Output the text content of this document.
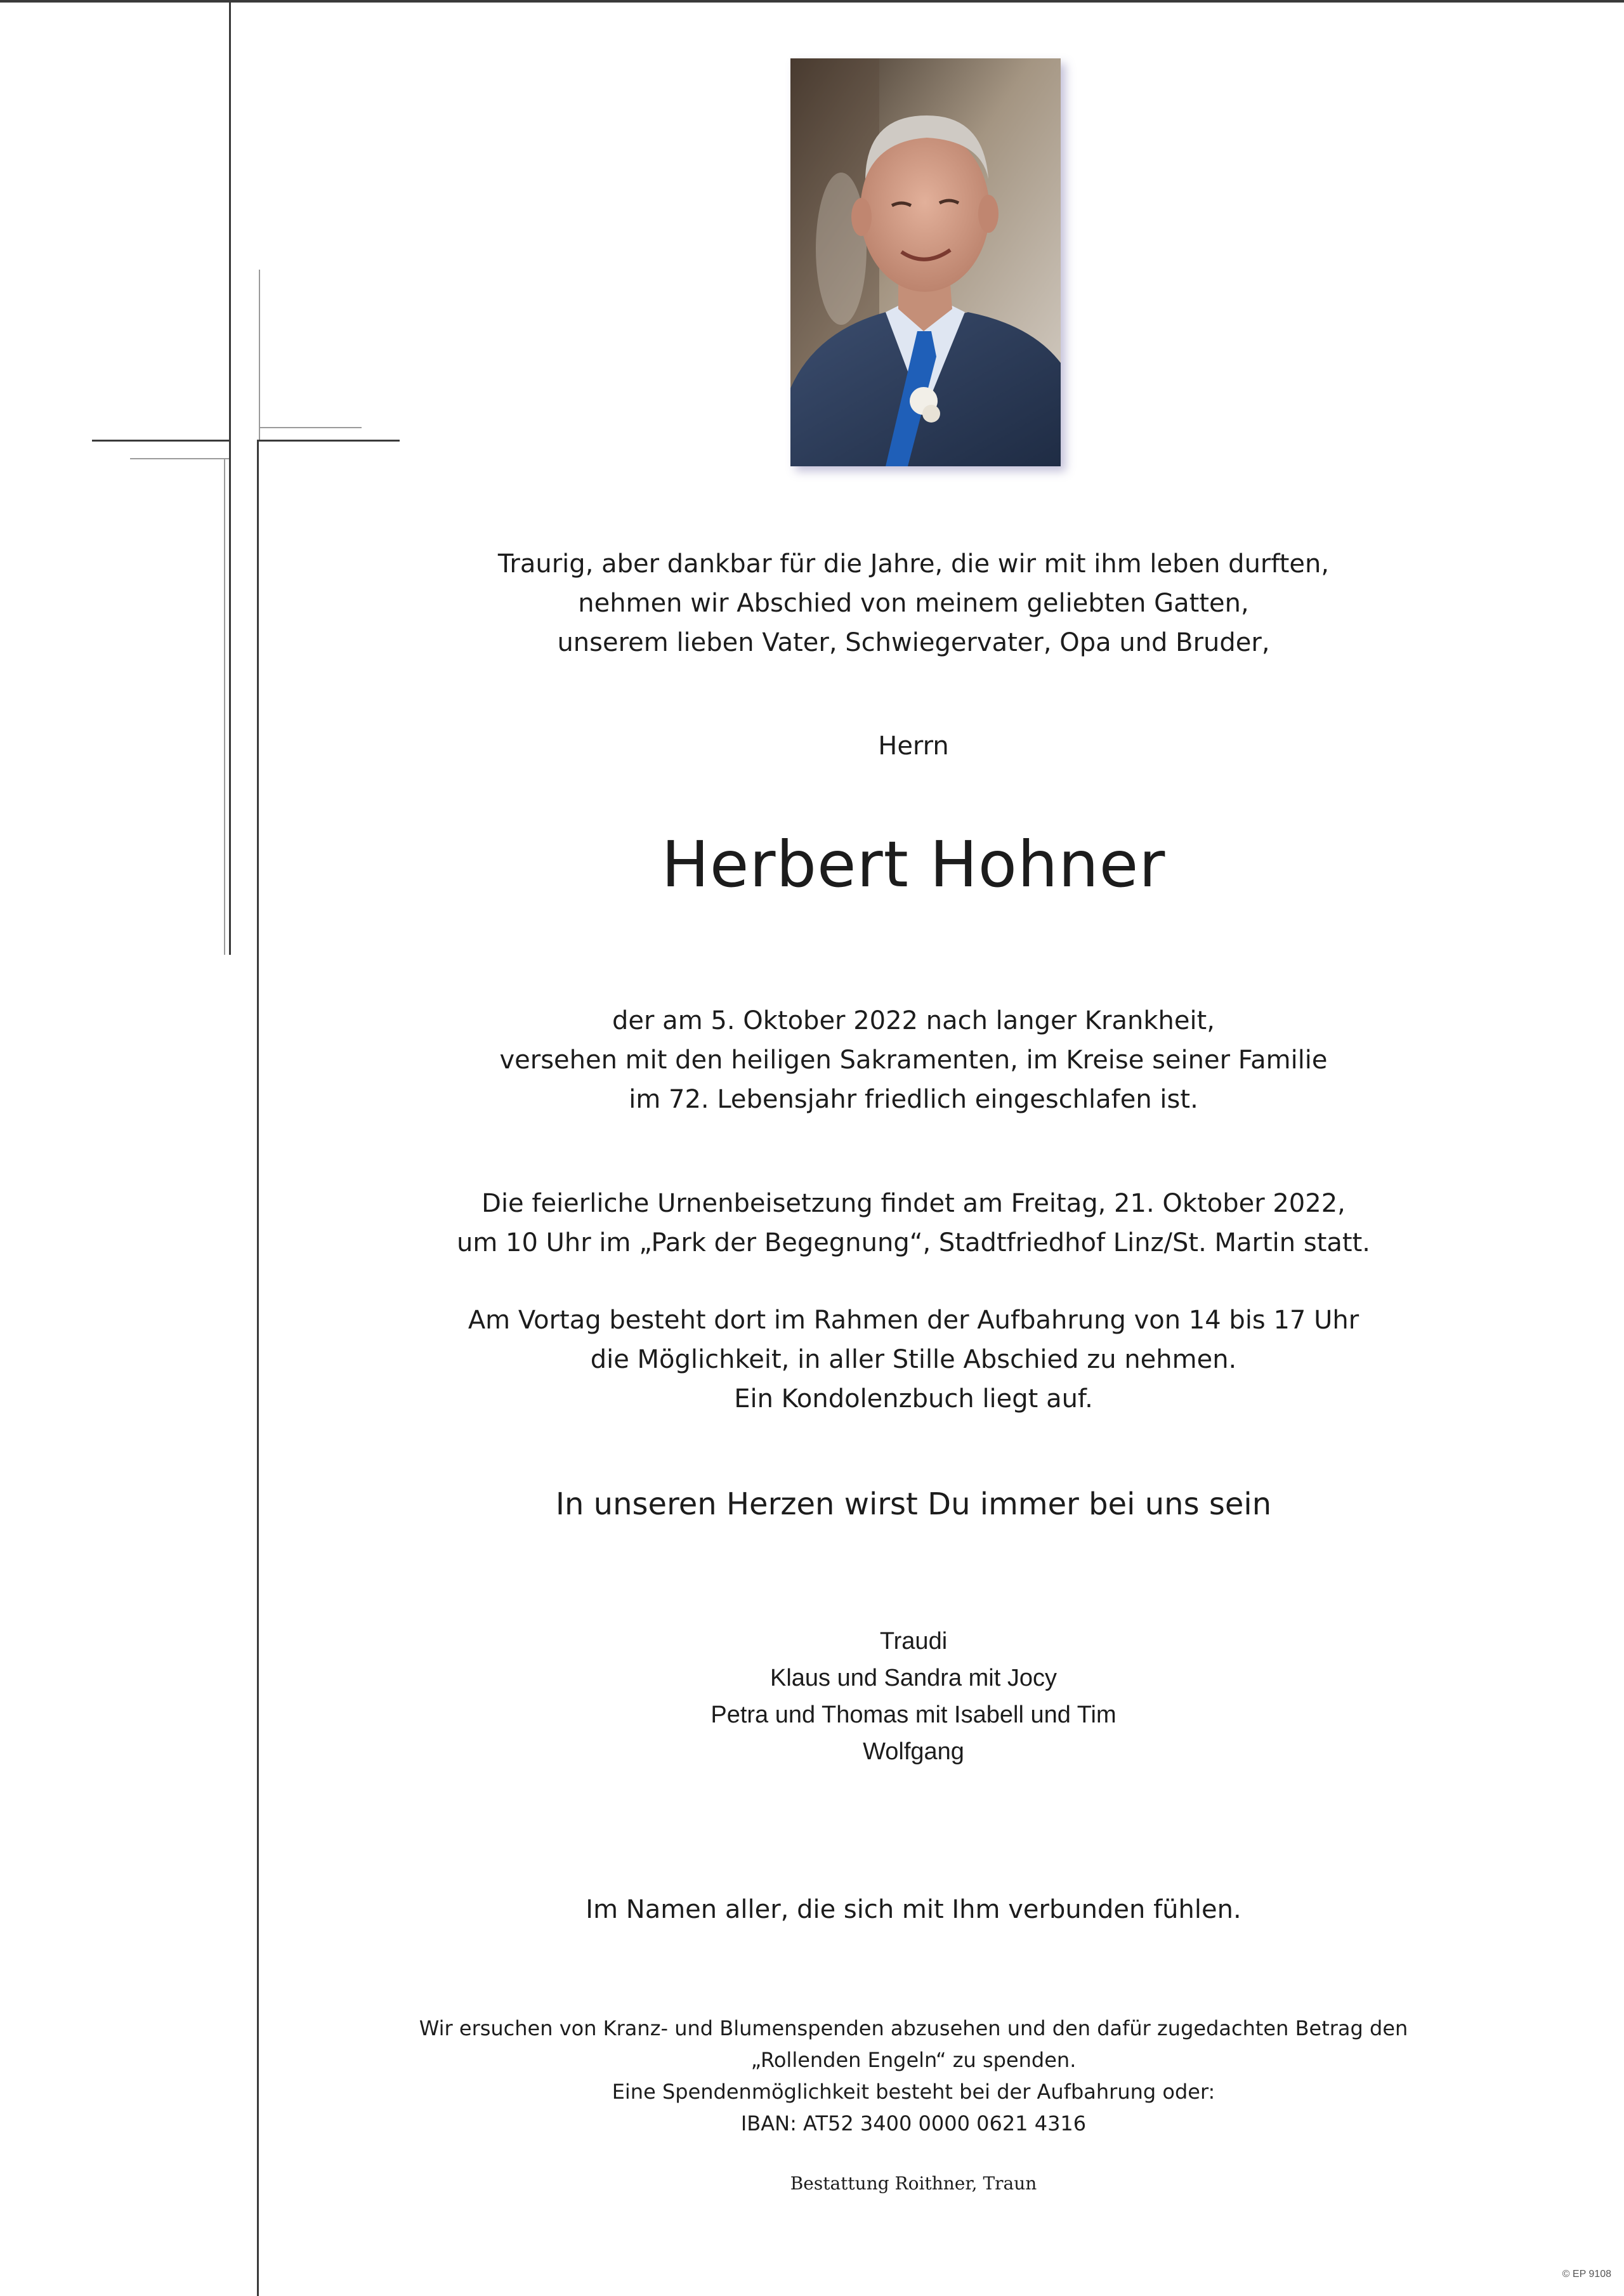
Traurig, aber dankbar für die Jahre, die wir mit ihm leben durften,
nehmen wir Abschied von meinem geliebten Gatten,
unserem lieben Vater, Schwiegervater, Opa und Bruder,
Herrn
Herbert Hohner
der am 5. Oktober 2022 nach langer Krankheit,
versehen mit den heiligen Sakramenten, im Kreise seiner Familie
im 72. Lebensjahr friedlich eingeschlafen ist.
Die feierliche Urnenbeisetzung findet am Freitag, 21. Oktober 2022,
um 10 Uhr im „Park der Begegnung“, Stadtfriedhof Linz/St. Martin statt.
Am Vortag besteht dort im Rahmen der Aufbahrung von 14 bis 17 Uhr
die Möglichkeit, in aller Stille Abschied zu nehmen.
Ein Kondolenzbuch liegt auf.
In unseren Herzen wirst Du immer bei uns sein
Traudi
Klaus und Sandra mit Jocy
Petra und Thomas mit Isabell und Tim
Wolfgang
Im Namen aller, die sich mit Ihm verbunden fühlen.
Wir ersuchen von Kranz- und Blumenspenden abzusehen und den dafür zugedachten Betrag den
„Rollenden Engeln“ zu spenden.
Eine Spendenmöglichkeit besteht bei der Aufbahrung oder:
IBAN: AT52 3400 0000 0621 4316
Bestattung Roithner, Traun
© EP 9108
